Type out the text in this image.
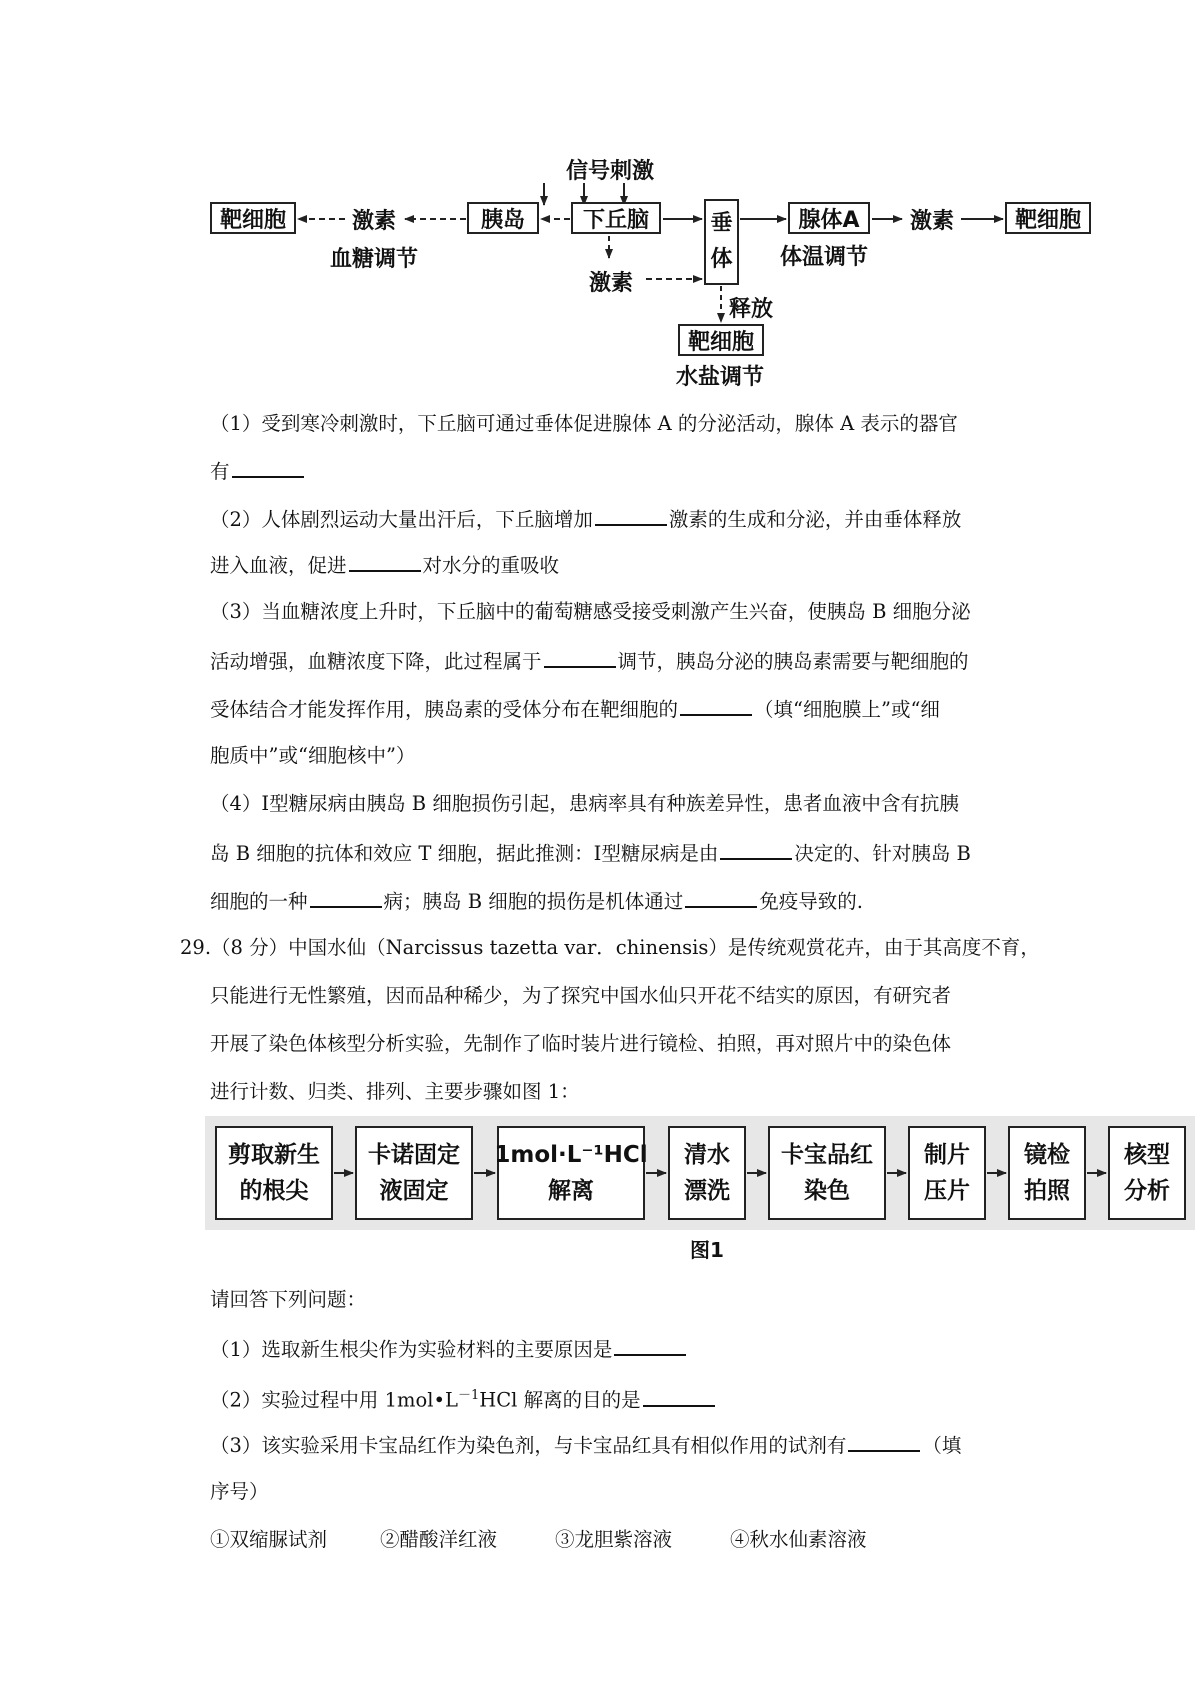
信号刺激
靶细胞	激素	胰岛	下丘脑	垂
体
腺体A	激素	靶细胞
血糖调节	体温调节
激素
释放
靶细胞
水盐调节
（1）受到寒冷刺激时，下丘脑可通过垂体促进腺体 A 的分泌活动，腺体 A 表示的器官
有
（2）人体剧烈运动大量出汗后，下丘脑增加	激素的生成和分泌，并由垂体释放
进入血液，促进	对水分的重吸收
（3）当血糖浓度上升时，下丘脑中的葡萄糖感受接受刺激产生兴奋，使胰岛 B 细胞分泌
活动增强，血糖浓度下降，此过程属于	调节，胰岛分泌的胰岛素需要与靶细胞的
受体结合才能发挥作用，胰岛素的受体分布在靶细胞的	（填“细胞膜上”或“细
胞质中”或“细胞核中”）
（4）Ⅰ型糖尿病由胰岛 B 细胞损伤引起，患病率具有种族差异性，患者血液中含有抗胰
岛 B 细胞的抗体和效应 T 细胞，据此推测：Ⅰ型糖尿病是由	决定的、针对胰岛 B
细胞的一种	病；胰岛 B 细胞的损伤是机体通过	免疫导致的.
29.（8 分）中国水仙（Narcissus tazetta var．chinensis）是传统观赏花卉，由于其高度不育，
只能进行无性繁殖，因而品种稀少，为了探究中国水仙只开花不结实的原因，有研究者
开展了染色体核型分析实验，先制作了临时装片进行镜检、拍照，再对照片中的染色体
进行计数、归类、排列、主要步骤如图 1：
剪取新生
的根尖
卡诺固定
液固定
1mol·L⁻¹HCl
解离
清水
漂洗
卡宝品红
染色
制片
压片
镜检
拍照
核型
分析
图1
请回答下列问题：
（1）选取新生根尖作为实验材料的主要原因是
（2）实验过程中用 $1mol•L^{-1}HCl$ 解离的目的是
（3）该实验采用卡宝品红作为染色剂，与卡宝品红具有相似作用的试剂有	（填
序号）
①双缩脲试剂	②醋酸洋红液	③龙胆紫溶液	④秋水仙素溶液
